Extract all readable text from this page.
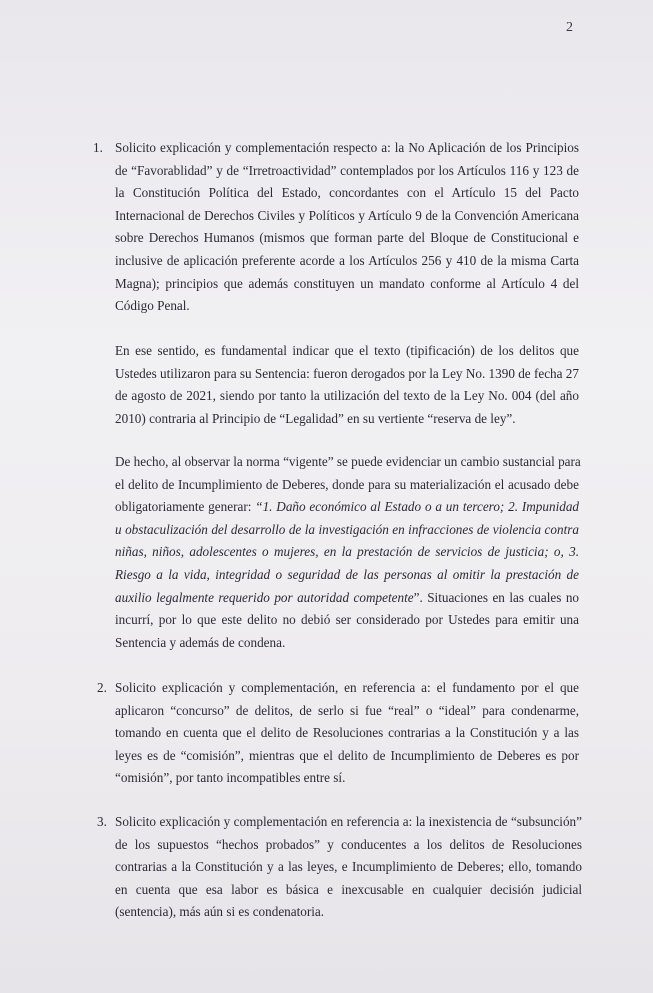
2
1. Solicito explicación y complementación respecto a: la No Aplicación de los Principios
de “Favorablidad” y de “Irretroactividad” contemplados por los Artículos 116 y 123 de
la Constitución Política del Estado, concordantes con el Artículo 15 del Pacto
Internacional de Derechos Civiles y Políticos y Artículo 9 de la Convención Americana
sobre Derechos Humanos (mismos que forman parte del Bloque de Constitucional e
inclusive de aplicación preferente acorde a los Artículos 256 y 410 de la misma Carta
Magna); principios que además constituyen un mandato conforme al Artículo 4 del
Código Penal.
En ese sentido, es fundamental indicar que el texto (tipificación) de los delitos que
Ustedes utilizaron para su Sentencia: fueron derogados por la Ley No. 1390 de fecha 27
de agosto de 2021, siendo por tanto la utilización del texto de la Ley No. 004 (del año
2010) contraria al Principio de “Legalidad” en su vertiente “reserva de ley”.
De hecho, al observar la norma “vigente” se puede evidenciar un cambio sustancial para
el delito de Incumplimiento de Deberes, donde para su materialización el acusado debe
obligatoriamente generar: “1. Daño económico al Estado o a un tercero; 2. Impunidad
u obstaculización del desarrollo de la investigación en infracciones de violencia contra
niñas, niños, adolescentes o mujeres, en la prestación de servicios de justicia; o, 3.
Riesgo a la vida, integridad o seguridad de las personas al omitir la prestación de
auxilio legalmente requerido por autoridad competente”. Situaciones en las cuales no
incurrí, por lo que este delito no debió ser considerado por Ustedes para emitir una
Sentencia y además de condena.
2. Solicito explicación y complementación, en referencia a: el fundamento por el que
aplicaron “concurso” de delitos, de serlo si fue “real” o “ideal” para condenarme,
tomando en cuenta que el delito de Resoluciones contrarias a la Constitución y a las
leyes es de “comisión”, mientras que el delito de Incumplimiento de Deberes es por
“omisión”, por tanto incompatibles entre sí.
3. Solicito explicación y complementación en referencia a: la inexistencia de “subsunción”
de los supuestos “hechos probados” y conducentes a los delitos de Resoluciones
contrarias a la Constitución y a las leyes, e Incumplimiento de Deberes; ello, tomando
en cuenta que esa labor es básica e inexcusable en cualquier decisión judicial
(sentencia), más aún si es condenatoria.
